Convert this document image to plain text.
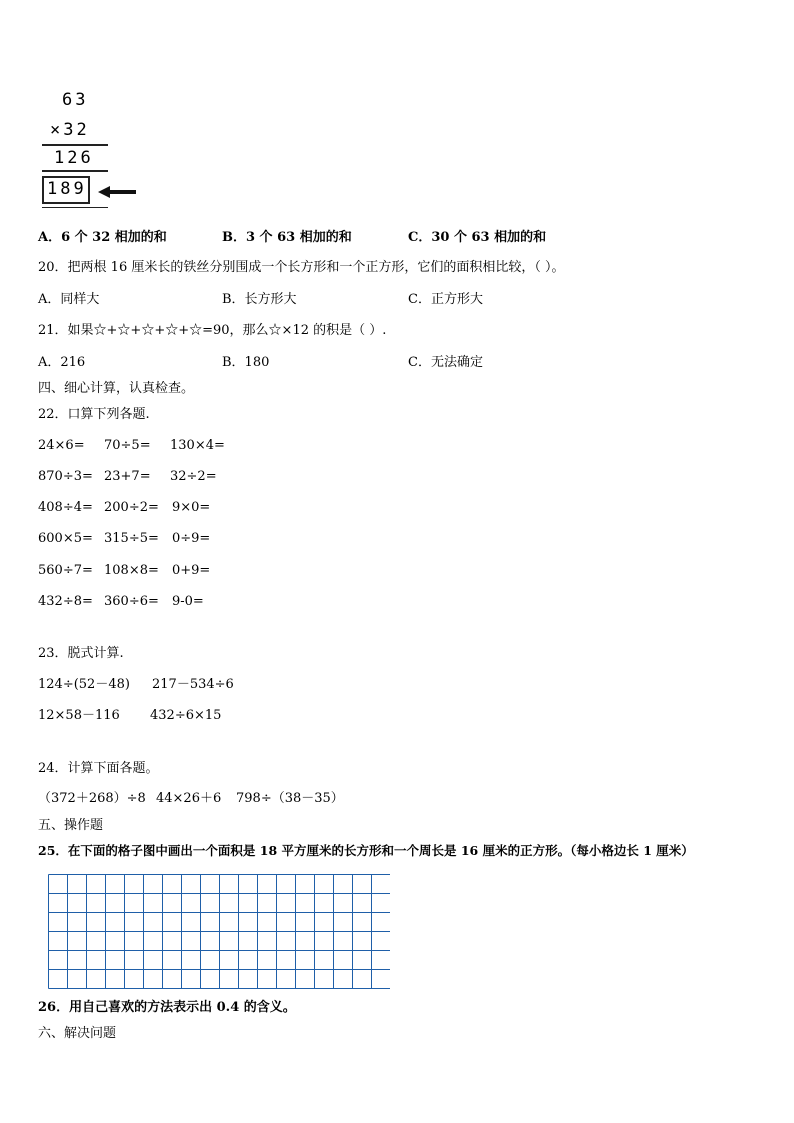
63
×32
126
189
A．6 个 32 相加的和	B．3 个 63 相加的和	C．30 个 63 相加的和
20．把两根 16 厘米长的铁丝分别围成一个长方形和一个正方形，它们的面积相比较，（ ）。
A．同样大	B．长方形大	C．正方形大
21．如果☆+☆+☆+☆+☆=90，那么☆×12 的积是（ ）.
A．216	B．180	C．无法确定
四、细心计算，认真检查。
22．口算下列各题.
24×6= 70÷5= 130×4=
870÷3= 23+7= 32÷2=
408÷4= 200÷2= 9×0=
600×5= 315÷5= 0÷9=
560÷7= 108×8= 0+9=
432÷8= 360÷6= 9-0=
23．脱式计算.
124÷(52－48) 217－534÷6
12×58－116 432÷6×15
24．计算下面各题。
（372＋268）÷8 44×26＋6 798÷（38－35）
五、操作题
25．在下面的格子图中画出一个面积是 18 平方厘米的长方形和一个周长是 16 厘米的正方形。（每小格边长 1 厘米）
26．用自己喜欢的方法表示出 0.4 的含义。
六、解决问题
